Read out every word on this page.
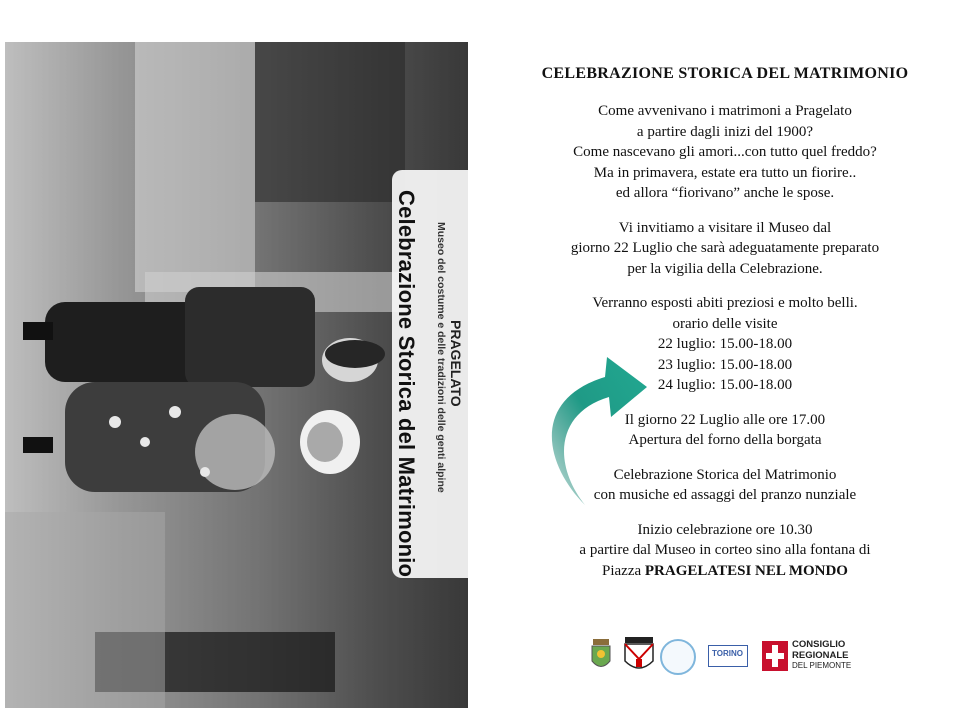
PRAGELATO
Museo del costume e delle tradizioni delle genti alpine
Celebrazione Storica del Matrimonio
CELEBRAZIONE STORICA DEL MATRIMONIO
Come avvenivano i matrimoni a Pragelato
a partire dagli inizi del 1900?
Come nascevano gli amori...con tutto quel freddo?
Ma in primavera, estate era tutto un fiorire..
ed allora “fiorivano” anche le spose.
Vi invitiamo a visitare il Museo dal
giorno 22 Luglio che sarà adeguatamente preparato
per la vigilia della Celebrazione.
Verranno esposti abiti preziosi e molto belli.
orario delle visite
22 luglio: 15.00-18.00
23 luglio: 15.00-18.00
24 luglio: 15.00-18.00
Il giorno 22 Luglio alle ore 17.00
Apertura del forno della borgata
Celebrazione Storica del Matrimonio
con musiche ed assaggi del pranzo nunziale
Inizio celebrazione ore 10.30
a partire dal Museo in corteo sino alla fontana di
Piazza PRAGELATESI NEL MONDO
TORINO
CONSIGLIO
REGIONALE
DEL PIEMONTE
